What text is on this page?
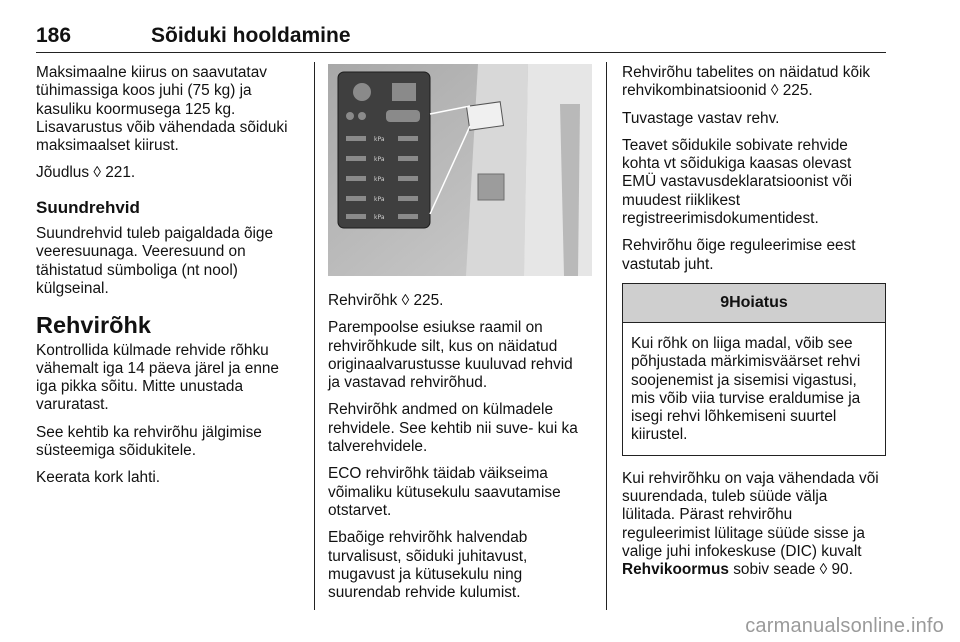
186	Sõiduki hooldamine

Maksimaalne kiirus on saavutatav
tühimassiga koos juhi (75 kg) ja
kasuliku koormusega 125 kg.
Lisavarustus võib vähendada sõiduki
maksimaalset kiirust.

Jõudlus ◊ 221.

Suundrehvid

Suundrehvid tuleb paigaldada õige
veeresuunaga. Veeresuund on
tähistatud sümboliga (nt nool)
külgseinal.

Rehvirõhk

Kontrollida külmade rehvide rõhku
vähemalt iga 14 päeva järel ja enne
iga pikka sõitu. Mitte unustada
varuratast.

See kehtib ka rehvirõhu jälgimise
süsteemiga sõidukitele.

Keerata kork lahti.

kPa
kPa
kPa
kPa
kPa

Rehvirõhk ◊ 225.

Parempoolse esiukse raamil on
rehvirõhkude silt, kus on näidatud
originaalvarustusse kuuluvad rehvid
ja vastavad rehvirõhud.

Rehvirõhk andmed on külmadele
rehvidele. See kehtib nii suve- kui ka
talverehvidele.

ECO rehvirõhk täidab väikseima
võimaliku kütusekulu saavutamise
otstarvet.

Ebaõige rehvirõhk halvendab
turvalisust, sõiduki juhitavust,
mugavust ja kütusekulu ning
suurendab rehvide kulumist.

Rehvirõhu tabelites on näidatud kõik
rehvikombinatsioonid ◊ 225.

Tuvastage vastav rehv.

Teavet sõidukile sobivate rehvide
kohta vt sõidukiga kaasas olevast
EMÜ vastavusdeklaratsioonist või
muudest riiklikest
registreerimisdokumentidest.

Rehvirõhu õige reguleerimise eest
vastutab juht.

9Hoiatus
Kui rõhk on liiga madal, võib see
põhjustada märkimisväärset rehvi
soojenemist ja sisemisi vigastusi,
mis võib viia turvise eraldumise ja
isegi rehvi lõhkemiseni suurtel
kiirustel.

Kui rehvirõhku on vaja vähendada või
suurendada, tuleb süüde välja
lülitada. Pärast rehvirõhu
reguleerimist lülitage süüde sisse ja
valige juhi infokeskuse (DIC) kuvalt
Rehvikoormus sobiv seade ◊ 90.

carmanualsonline.info
